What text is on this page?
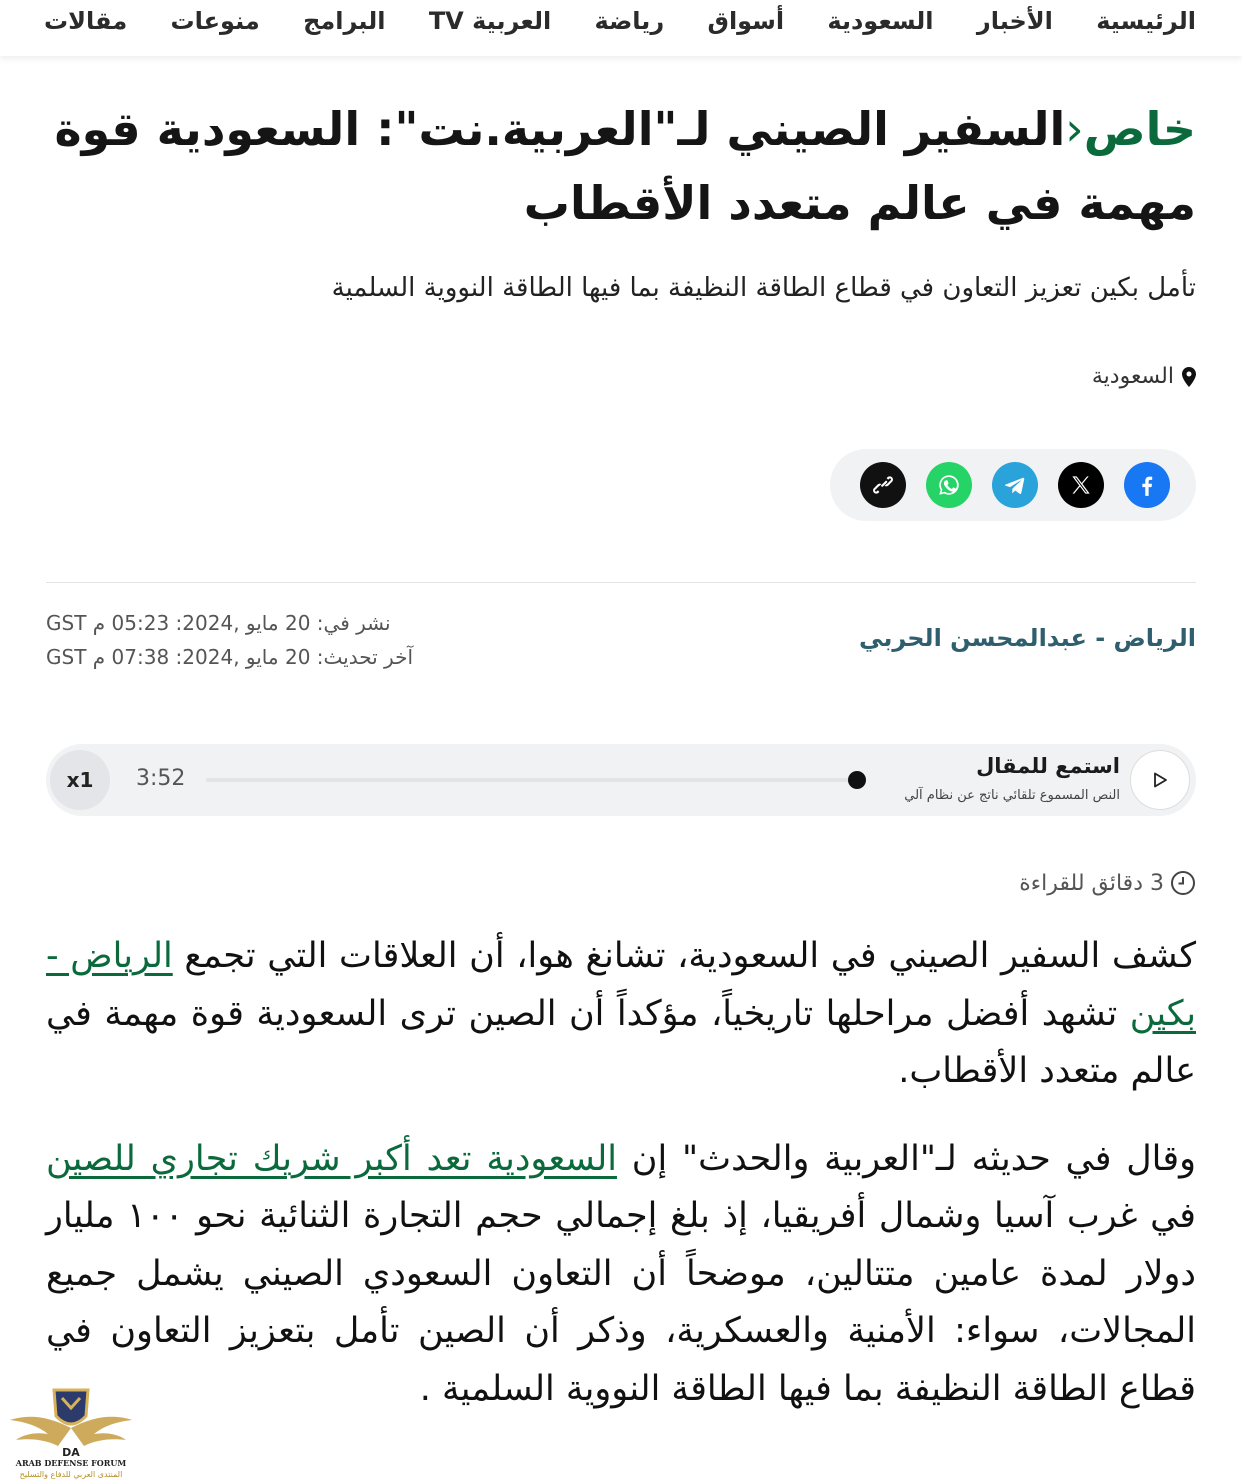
الرئيسية
الأخبار
السعودية
أسواق
رياضة
العربية TV
البرامج
منوعات
مقالات
خاص‹السفير الصيني لـ"العربية.نت": السعودية قوة مهمة في عالم متعدد الأقطاب
تأمل بكين تعزيز التعاون في قطاع الطاقة النظيفة بما فيها الطاقة النووية السلمية
السعودية
الرياض - عبدالمحسن الحربي
نشر في: 20 مايو ,2024: 05:23 م GST
آخر تحديث: 20 مايو ,2024: 07:38 م GST
استمع للمقال
النص المسموع تلقائي ناتج عن نظام آلي
3:52
x1
3 دقائق للقراءة

كشف السفير الصيني في السعودية، تشانغ هوا، أن العلاقات التي تجمع الرياض - بكين تشهد أفضل مراحلها تاريخياً، مؤكداً أن الصين ترى السعودية قوة مهمة في عالم متعدد الأقطاب.

وقال في حديثه لـ"العربية والحدث" إن السعودية تعد أكبر شريك تجاري للصين في غرب آسيا وشمال أفريقيا، إذ بلغ إجمالي حجم التجارة الثنائية نحو ١٠٠ مليار دولار لمدة عامين متتالين، موضحاً أن التعاون السعودي الصيني يشمل جميع المجالات، سواء: الأمنية والعسكرية، وذكر أن الصين تأمل بتعزيز التعاون في قطاع الطاقة النظيفة بما فيها الطاقة النووية السلمية .

DA
ARAB DEFENSE FORUM
المنتدى العربي للدفاع والتسليح
